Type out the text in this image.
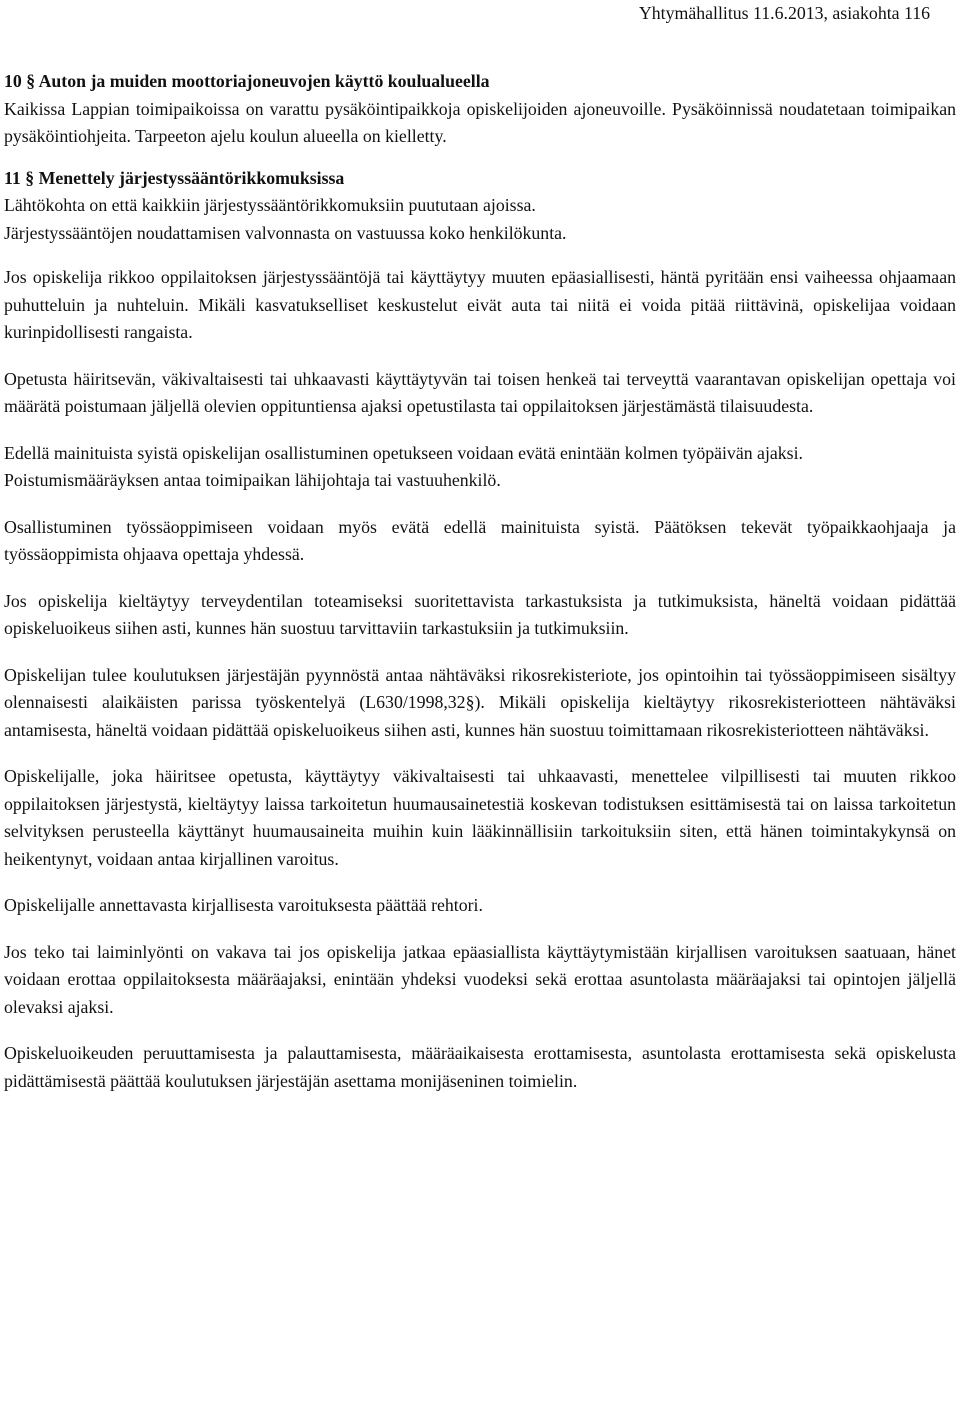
Yhtymähallitus 11.6.2013, asiakohta 116

10 § Auton ja muiden moottoriajoneuvojen käyttö koulualueella

Kaikissa Lappian toimipaikoissa on varattu pysäköintipaikkoja opiskelijoiden ajoneuvoille. Pysäköinnissä noudatetaan toimipaikan pysäköintiohjeita. Tarpeeton ajelu koulun alueella on kielletty.

11 § Menettely järjestyssääntörikkomuksissa

Lähtökohta on että kaikkiin järjestyssääntörikkomuksiin puututaan ajoissa.

Järjestyssääntöjen noudattamisen valvonnasta on vastuussa koko henkilökunta.

Jos opiskelija rikkoo oppilaitoksen järjestyssääntöjä tai käyttäytyy muuten epäasiallisesti, häntä pyritään ensi vaiheessa ohjaamaan puhutteluin ja nuhteluin. Mikäli kasvatukselliset keskustelut eivät auta tai niitä ei voida pitää riittävinä, opiskelijaa voidaan kurinpidollisesti rangaista.

Opetusta häiritsevän, väkivaltaisesti tai uhkaavasti käyttäytyvän tai toisen henkeä tai terveyttä vaarantavan opiskelijan opettaja voi määrätä poistumaan jäljellä olevien oppituntiensa ajaksi opetustilasta tai oppilaitoksen järjestämästä tilaisuudesta.

Edellä mainituista syistä opiskelijan osallistuminen opetukseen voidaan evätä enintään kolmen työpäivän ajaksi.

Poistumismääräyksen antaa toimipaikan lähijohtaja tai vastuuhenkilö.

Osallistuminen työssäoppimiseen voidaan myös evätä edellä mainituista syistä. Päätöksen tekevät työpaikkaohjaaja ja työssäoppimista ohjaava opettaja yhdessä.

Jos opiskelija kieltäytyy terveydentilan toteamiseksi suoritettavista tarkastuksista ja tutkimuksista, häneltä voidaan pidättää opiskeluoikeus siihen asti, kunnes hän suostuu tarvittaviin tarkastuksiin ja tutkimuksiin.

Opiskelijan tulee koulutuksen järjestäjän pyynnöstä antaa nähtäväksi rikosrekisteriote, jos opintoihin tai työssäoppimiseen sisältyy olennaisesti alaikäisten parissa työskentelyä (L630/1998,32§). Mikäli opiskelija kieltäytyy rikosrekisteriotteen nähtäväksi antamisesta, häneltä voidaan pidättää opiskeluoikeus siihen asti, kunnes hän suostuu toimittamaan rikosrekisteriotteen nähtäväksi.

Opiskelijalle, joka häiritsee opetusta, käyttäytyy väkivaltaisesti tai uhkaavasti, menettelee vilpillisesti tai muuten rikkoo oppilaitoksen järjestystä, kieltäytyy laissa tarkoitetun huumausainetestiä koskevan todistuksen esittämisestä tai on laissa tarkoitetun selvityksen perusteella käyttänyt huumausaineita muihin kuin lääkinnällisiin tarkoituksiin siten, että hänen toimintakykynsä on heikentynyt, voidaan antaa kirjallinen varoitus.

Opiskelijalle annettavasta kirjallisesta varoituksesta päättää rehtori.

Jos teko tai laiminlyönti on vakava tai jos opiskelija jatkaa epäasiallista käyttäytymistään kirjallisen varoituksen saatuaan, hänet voidaan erottaa oppilaitoksesta määräajaksi, enintään yhdeksi vuodeksi sekä erottaa asuntolasta määräajaksi tai opintojen jäljellä olevaksi ajaksi.

Opiskeluoikeuden peruuttamisesta ja palauttamisesta, määräaikaisesta erottamisesta, asuntolasta erottamisesta sekä opiskelusta pidättämisestä päättää koulutuksen järjestäjän asettama monijäseninen toimielin.
